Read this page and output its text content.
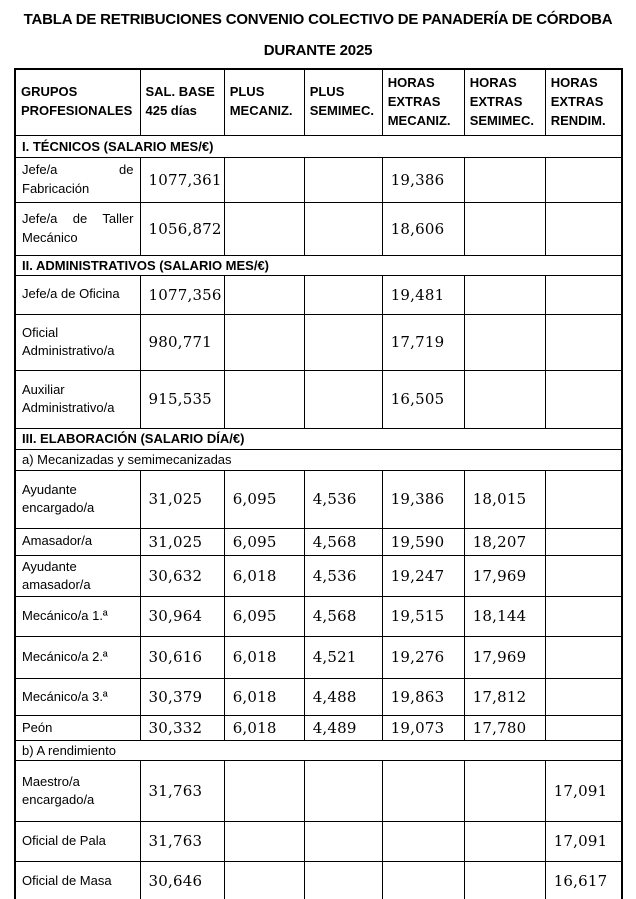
TABLA DE RETRIBUCIONES CONVENIO COLECTIVO DE PANADERÍA DE CÓRDOBA
DURANTE 2025
GRUPOS PROFESIONALES	SAL. BASE 425 días	PLUS MECANIZ.	PLUS SEMIMEC.	HORAS EXTRAS MECANIZ.	HORAS EXTRAS SEMIMEC.	HORAS EXTRAS RENDIM.
I. TÉCNICOS (SALARIO MES/€)						
Jefe/a de Fabricación	1077,361			19,386		
Jefe/a de Taller Mecánico	1056,872			18,606		
II. ADMINISTRATIVOS (SALARIO MES/€)						
Jefe/a de Oficina	1077,356			19,481		
Oficial Administrativo/a	980,771			17,719		
Auxiliar Administrativo/a	915,535			16,505		
III. ELABORACIÓN (SALARIO DÍA/€)						
a) Mecanizadas y semimecanizadas						
Ayudante encargado/a	31,025	6,095	4,536	19,386	18,015	
Amasador/a	31,025	6,095	4,568	19,590	18,207	
Ayudante amasador/a	30,632	6,018	4,536	19,247	17,969	
Mecánico/a 1.ª	30,964	6,095	4,568	19,515	18,144	
Mecánico/a 2.ª	30,616	6,018	4,521	19,276	17,969	
Mecánico/a 3.ª	30,379	6,018	4,488	19,863	17,812	
Peón	30,332	6,018	4,489	19,073	17,780	
b) A rendimiento						
Maestro/a encargado/a	31,763					17,091
Oficial de Pala	31,763					17,091
Oficial de Masa	30,646					16,617
